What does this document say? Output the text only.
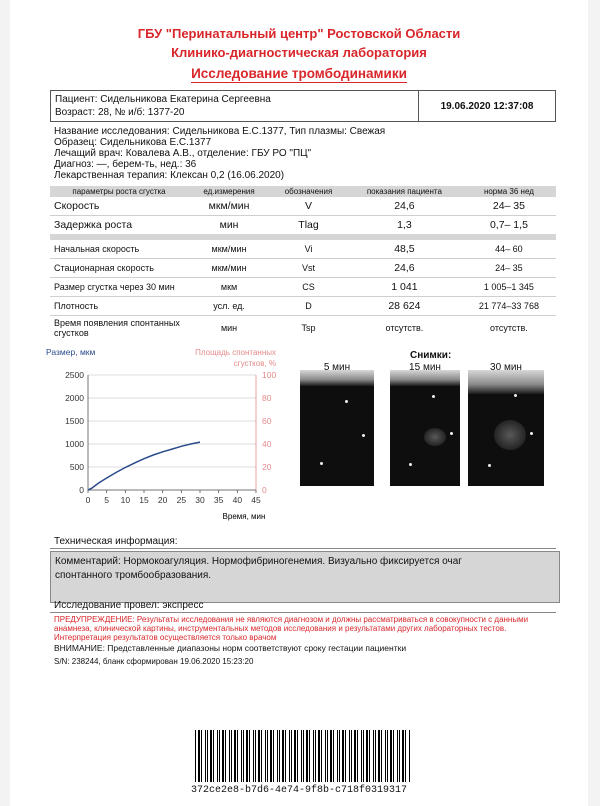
ГБУ "Перинатальный центр" Ростовской Области
Клинико-диагностическая лаборатория
Исследование тромбодинамики
Пациент: Сидельникова Екатерина Сергеевна
Возраст: 28, № и/б: 1377-20
19.06.2020 12:37:08
Название исследования: Сидельникова Е.С.1377, Тип плазмы: Свежая
Образец: Сидельникова Е.С.1377
Лечащий врач: Ковалева А.В., отделение: ГБУ РО "ПЦ"
Диагноз: —, берем-ть, нед.: 36
Лекарственная терапия: Клексан 0,2 (16.06.2020)
параметры роста сгустка	ед.измерения	обозначения	показания пациента	норма 36 нед
Скорость	мкм/мин	V	24,6	24– 35
Задержка роста	мин	Tlag	1,3	0,7– 1,5

Начальная скорость	мкм/мин	Vi	48,5	44– 60
Стационарная скорость	мкм/мин	Vst	24,6	24– 35
Размер сгустка через 30 мин	мкм	CS	1 041	1 005–1 345
Плотность	усл. ед.	D	28 624	21 774–33 768
Время появления спонтанных сгустков	мин	Tsp	отсутств.	отсутств.
Размер, мкм	Площадь спонтанных
сгустков, %
0
500
1000
1500
2000
2500
0
20
40
60
80
100
0 5 10 15 20 25 30 35 40 45
Время, мин
Снимки:
5 мин	15 мин	30 мин
Техническая информация:
Комментарий: Нормокоагуляция. Нормофибриногенемия. Визуально фиксируется очаг
спонтанного тромбообразования.
Исследование провел: экспресс
ПРЕДУПРЕЖДЕНИЕ: Результаты исследования не являются диагнозом и должны рассматриваться в совокупности с данными анамнеза, клинической картины, инструментальных методов исследования и результатами других лабораторных тестов. Интерпретация результатов осуществляется только врачом
ВНИМАНИЕ: Представленные диапазоны норм соответствуют сроку гестации пациентки
S/N: 238244, бланк сформирован 19.06.2020 15:23:20
372ce2e8-b7d6-4e74-9f8b-c718f0319317
